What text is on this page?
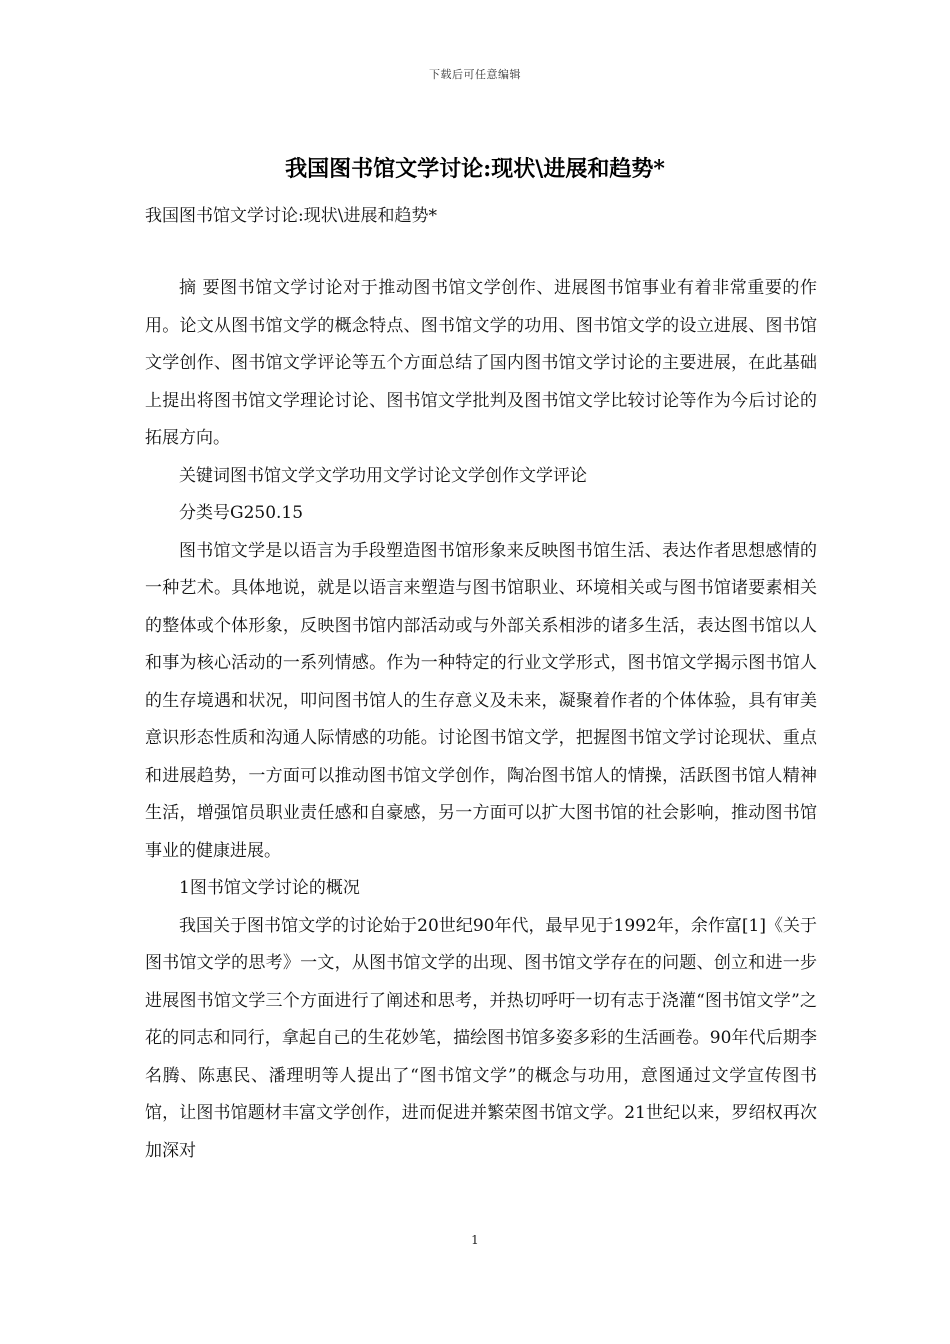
下载后可任意编辑
我国图书馆文学讨论:现状\进展和趋势*
我国图书馆文学讨论:现状\进展和趋势*

摘 要图书馆文学讨论对于推动图书馆文学创作、进展图书馆事业有着非常重要的作用。论文从图书馆文学的概念特点、图书馆文学的功用、图书馆文学的设立进展、图书馆文学创作、图书馆文学评论等五个方面总结了国内图书馆文学讨论的主要进展，在此基础上提出将图书馆文学理论讨论、图书馆文学批判及图书馆文学比较讨论等作为今后讨论的拓展方向。

关键词图书馆文学文学功用文学讨论文学创作文学评论

分类号G250.15

图书馆文学是以语言为手段塑造图书馆形象来反映图书馆生活、表达作者思想感情的一种艺术。具体地说，就是以语言来塑造与图书馆职业、环境相关或与图书馆诸要素相关的整体或个体形象，反映图书馆内部活动或与外部关系相涉的诸多生活，表达图书馆以人和事为核心活动的一系列情感。作为一种特定的行业文学形式，图书馆文学揭示图书馆人的生存境遇和状况，叩问图书馆人的生存意义及未来，凝聚着作者的个体体验，具有审美意识形态性质和沟通人际情感的功能。讨论图书馆文学，把握图书馆文学讨论现状、重点和进展趋势，一方面可以推动图书馆文学创作，陶冶图书馆人的情操，活跃图书馆人精神生活，增强馆员职业责任感和自豪感，另一方面可以扩大图书馆的社会影响，推动图书馆事业的健康进展。

1图书馆文学讨论的概况

我国关于图书馆文学的讨论始于20世纪90年代，最早见于1992年，余作富[1]《关于图书馆文学的思考》一文，从图书馆文学的出现、图书馆文学存在的问题、创立和进一步进展图书馆文学三个方面进行了阐述和思考，并热切呼吁一切有志于浇灌“图书馆文学”之花的同志和同行，拿起自己的生花妙笔，描绘图书馆多姿多彩的生活画卷。90年代后期李名腾、陈惠民、潘理明等人提出了“图书馆文学”的概念与功用，意图通过文学宣传图书馆，让图书馆题材丰富文学创作，进而促进并繁荣图书馆文学。21世纪以来，罗绍权再次加深对

1
